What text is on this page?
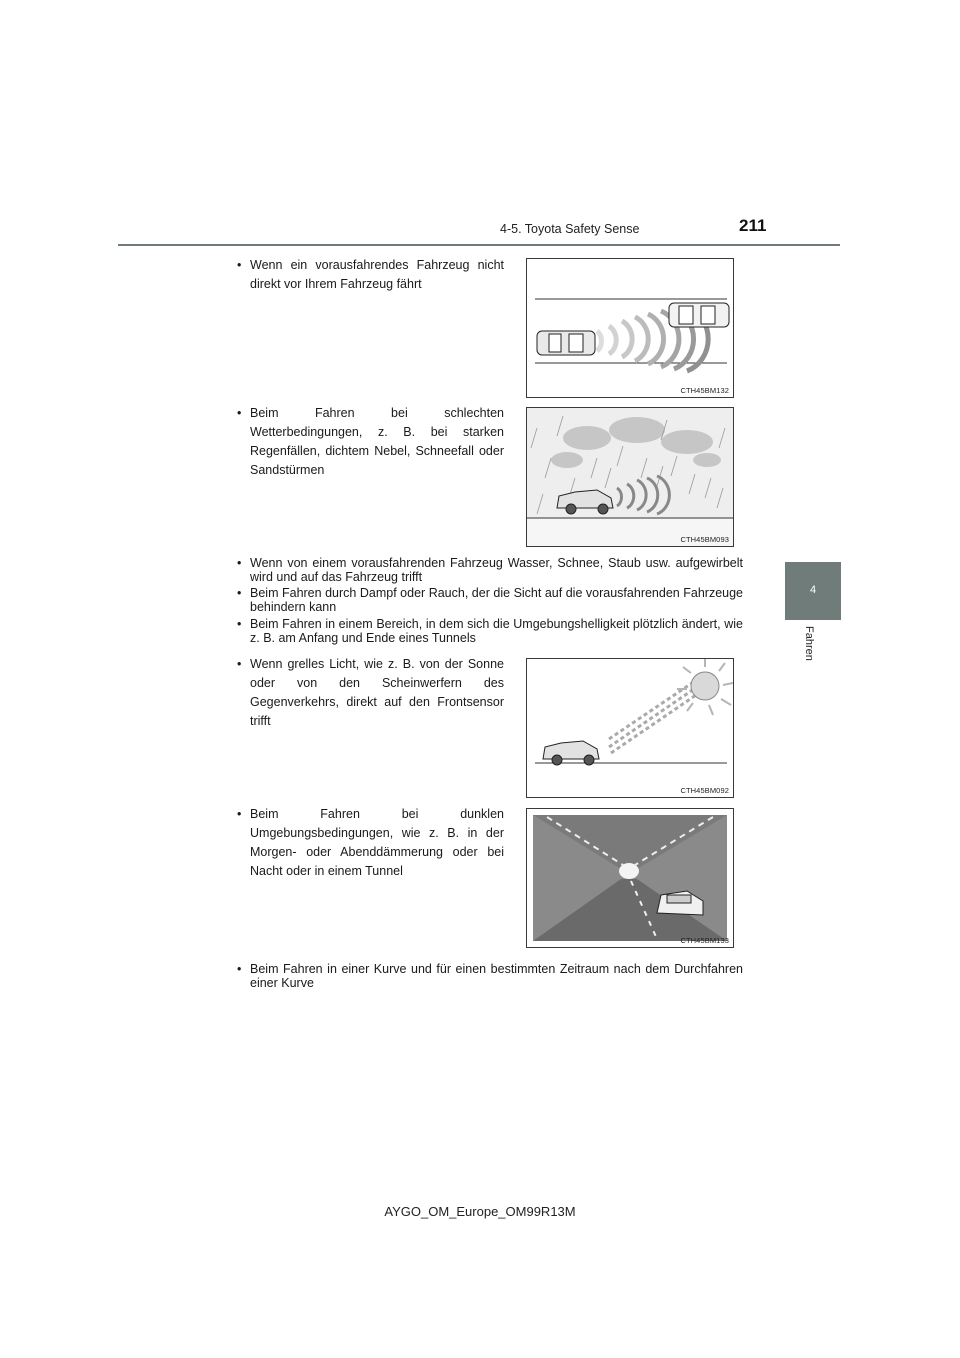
4-5. Toyota Safety Sense	211
4
Fahren
• Wenn ein vorausfahrendes Fahrzeug nicht direkt vor Ihrem Fahrzeug fährt
CTH45BM132
• Beim Fahren bei schlechten Wetterbedingungen, z. B. bei starken Regenfällen, dichtem Nebel, Schneefall oder Sandstürmen
CTH45BM093
• Wenn von einem vorausfahrenden Fahrzeug Wasser, Schnee, Staub usw. aufgewirbelt wird und auf das Fahrzeug trifft
• Beim Fahren durch Dampf oder Rauch, der die Sicht auf die vorausfahrenden Fahrzeuge behindern kann
• Beim Fahren in einem Bereich, in dem sich die Umgebungshelligkeit plötzlich ändert, wie z. B. am Anfang und Ende eines Tunnels
• Wenn grelles Licht, wie z. B. von der Sonne oder von den Scheinwerfern des Gegenverkehrs, direkt auf den Frontsensor trifft
CTH45BM092
• Beim Fahren bei dunklen Umgebungsbedingungen, wie z. B. in der Morgen- oder Abenddämmerung oder bei Nacht oder in einem Tunnel
CTH45BM133
• Beim Fahren in einer Kurve und für einen bestimmten Zeitraum nach dem Durchfahren einer Kurve
AYGO_OM_Europe_OM99R13M
